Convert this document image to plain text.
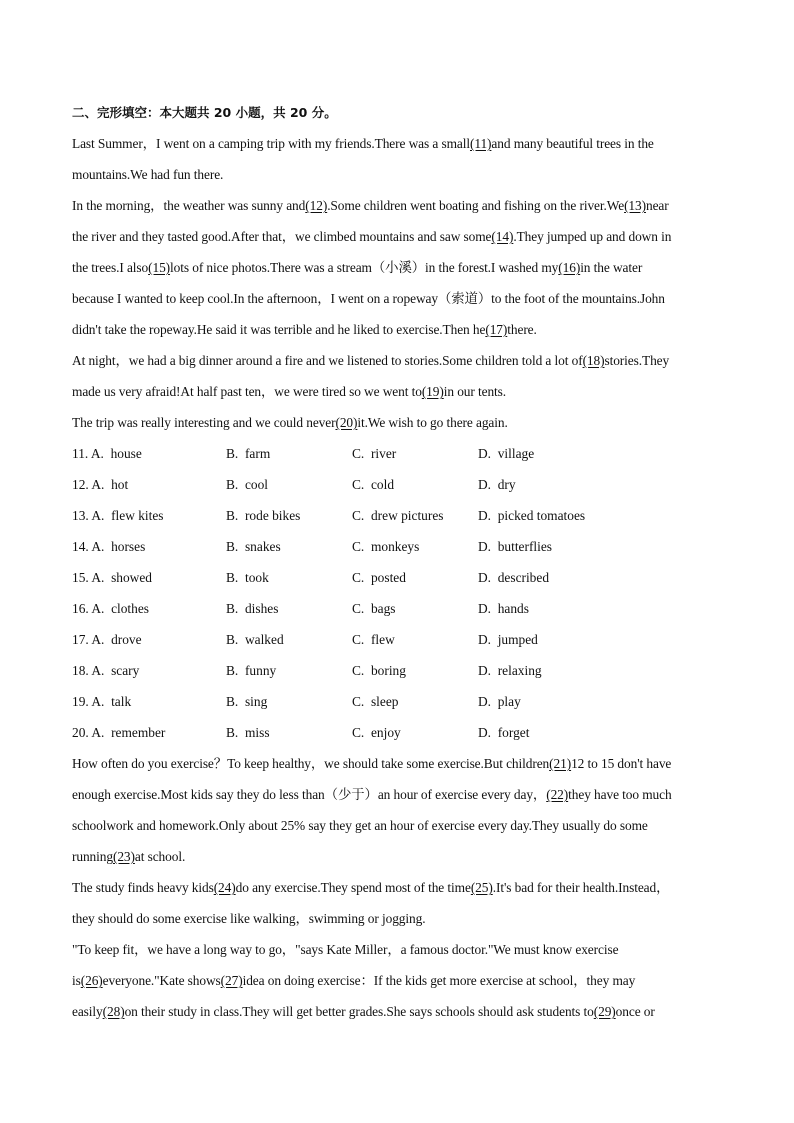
二、完形填空：本大题共 20 小题，共 20 分。
Last Summer，I went on a camping trip with my friends.There was a small(11)and many beautiful trees in the
mountains.We had fun there.
In the morning，the weather was sunny and(12).Some children went boating and fishing on the river.We(13)near
the river and they tasted good.After that，we climbed mountains and saw some(14).They jumped up and down in
the trees.I also(15)lots of nice photos.There was a stream（小溪）in the forest.I washed my(16)in the water
because I wanted to keep cool.In the afternoon，I went on a ropeway（索道）to the foot of the mountains.John
didn't take the ropeway.He said it was terrible and he liked to exercise.Then he(17)there.
At night，we had a big dinner around a fire and we listened to stories.Some children told a lot of(18)stories.They
made us very afraid!At half past ten，we were tired so we went to(19)in our tents.
The trip was really interesting and we could never(20)it.We wish to go there again.
11. A.  house	B.  farm	C.  river	D.  village
12. A.  hot	B.  cool	C.  cold	D.  dry
13. A.  flew kites	B.  rode bikes	C.  drew pictures	D.  picked tomatoes
14. A.  horses	B.  snakes	C.  monkeys	D.  butterflies
15. A.  showed	B.  took	C.  posted	D.  described
16. A.  clothes	B.  dishes	C.  bags	D.  hands
17. A.  drove	B.  walked	C.  flew	D.  jumped
18. A.  scary	B.  funny	C.  boring	D.  relaxing
19. A.  talk	B.  sing	C.  sleep	D.  play
20. A.  remember	B.  miss	C.  enjoy	D.  forget
How often do you exercise？To keep healthy，we should take some exercise.But children(21)12 to 15 don't have
enough exercise.Most kids say they do less than（少于）an hour of exercise every day，(22)they have too much
schoolwork and homework.Only about 25% say they get an hour of exercise every day.They usually do some
running(23)at school.
The study finds heavy kids(24)do any exercise.They spend most of the time(25).It's bad for their health.Instead，
they should do some exercise like walking，swimming or jogging.
"To keep fit，we have a long way to go，"says Kate Miller，a famous doctor."We must know exercise
is(26)everyone."Kate shows(27)idea on doing exercise：If the kids get more exercise at school，they may
easily(28)on their study in class.They will get better grades.She says schools should ask students to(29)once or
